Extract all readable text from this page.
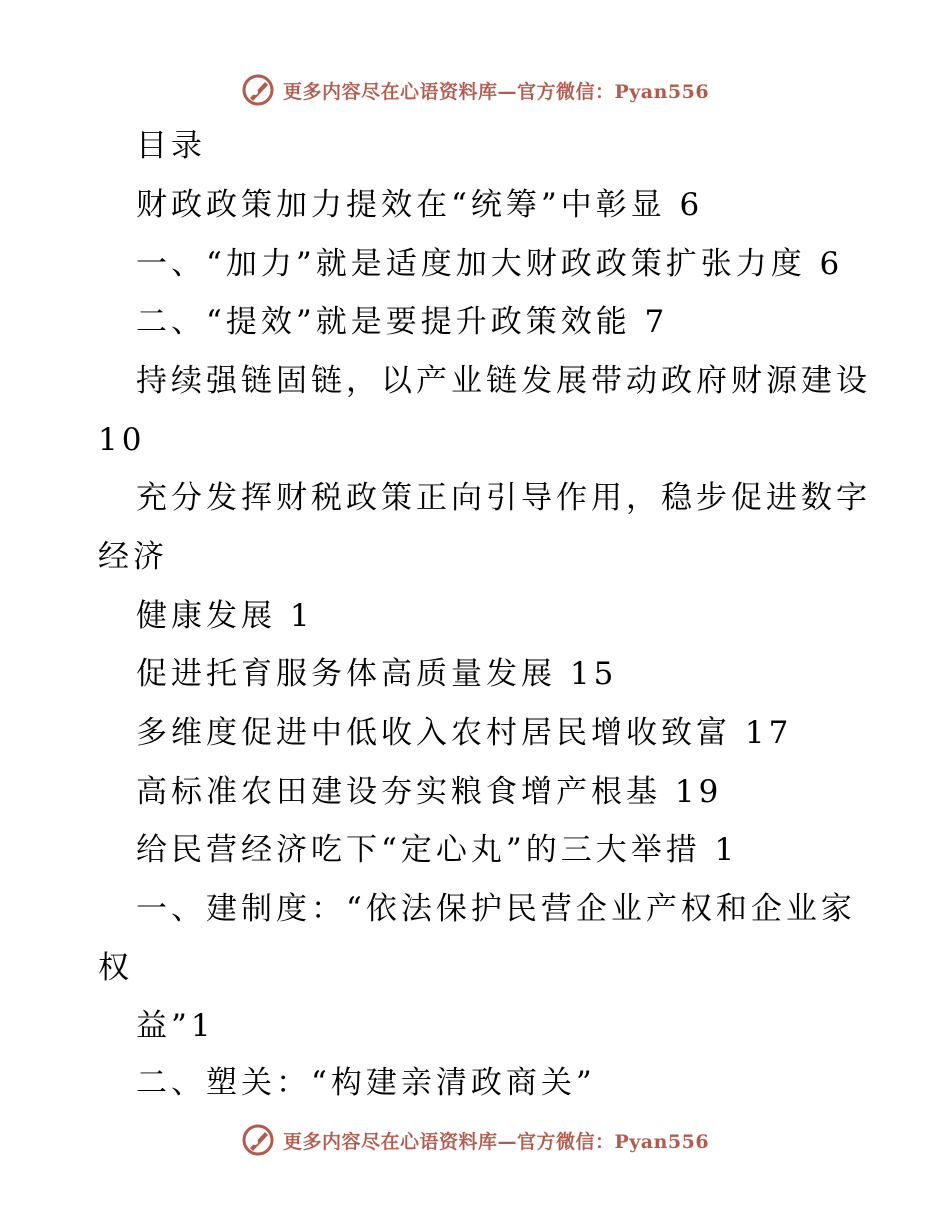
更多内容尽在心语资料库—官方微信：Pyan556
目录
财政政策加力提效在“统筹”中彰显 6
一、“加力”就是适度加大财政政策扩张力度 6
二、“提效”就是要提升政策效能 7
持续强链固链，以产业链发展带动政府财源建设
10
充分发挥财税政策正向引导作用，稳步促进数字
经济
健康发展 1
促进托育服务体高质量发展 15
多维度促进中低收入农村居民增收致富 17
高标准农田建设夯实粮食增产根基 19
给民营经济吃下“定心丸”的三大举措 1
一、建制度：“依法保护民营企业产权和企业家
权
益”1
二、塑关：“构建亲清政商关”
更多内容尽在心语资料库—官方微信：Pyan556
